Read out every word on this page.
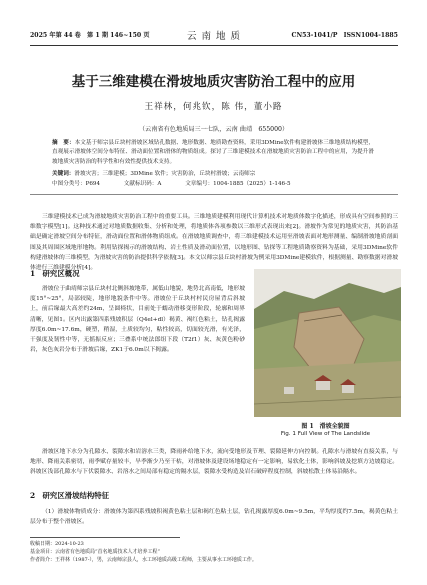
2025 年第 44 卷　第 1 期 146~150 页	云 南 地 质	CN53-1041/P　ISSN1004-1885
基于三维建模在滑坡地质灾害防治工程中的应用
王祥林，何兆钦，陈 伟，董小路
（云南省有色地质局三一七队，云南 曲靖　655000）
摘　要：本文基于师宗县丘块村滑坡区域钻孔数据、地形数据、地质勘查资料，采用3DMine软件构建滑坡体三维地质结构模型，直观展示滑坡体空间分布特征、滑动面位置和滑体的物质组成。探讨了三维建模技术在滑坡地质灾害防治工程中的应用，为提升滑坡地质灾害防治的科学性和有效性提供技术支持。
关键词：滑坡灾害；三维建模；3DMine 软件；灾害防治，丘块村滑坡；云南师宗
中图分类号：P694	文献标识码：A	文章编号：1004-1885（2025）1-146-5
三维建模技术已成为滑坡地质灾害防治工程中的重要工具。三维地质建模利用现代计算机技术对地质体数字化描述，形成具有空间参照的三维数字模型[1]。这种技术通过对地质数据收集、分析和处理，将地质体各项参数以三维形式表现出来[2]。滑坡作为常见的地质灾害，其防治基础是确定滑坡空间分布特征，滑动面位置和滑体物质组成。在滑坡地质调查中，将三维建模技术运用至滑坡表面对地形测量、编制滑坡地质剖面图及其周围区域地形地物。利用钻探揭示的滑坡结构、岩土性质及滑动面位置，以地形图、钻探等工程地质勘察资料为基础，采用3DMine软件构建滑坡体的三维模型，为滑坡灾害的防治提供科学依据[3]。本文以师宗县丘块村滑坡为例采用3DMine建模软件，根据测量、勘察数据对滑坡体进行三维建模分析[4]。
1　研究区概况
滑坡位于曲靖师宗县丘块村北侧斜坡地带，属低山地貌，地势北高南低，地形坡度15°~25°，局部较陡，地形地貌条件中等。滑坡位于丘块村村民房屋背后斜坡上，前后缘最大高差约24m，呈圆椅状，目前处于蠕动滑移变形阶段，轮廓和周界清晰，见图1。区内出露第四系残坡积层（Q4el+dl）褐黄、褐红色粘土，钻孔揭露厚度6.0m~17.6m，硬塑，稍湿，土质较均匀，粘性较高，切面较光滑，有光泽，干强度及韧性中等，无摇振反应；三叠系中统法郎组下段（T2f1）灰、灰黄色粉砂岩，灰色灰岩分布于滑坡后缘，ZK1于6.0m以下揭露。
图 1　滑坡全貌图
Fig. 1 Full View of The Landslide
滑坡区地下水分为孔隙水、裂隙水和岩溶水三类，降雨补给地下水，流向受地形及节理、裂隙延伸方向控制。孔隙水与滑坡有直接关系，与地形、降雨关系密切，雨季赋存量较丰，旱季渐少乃至干枯，对滑坡体及建设场地稳定有一定影响，易软化土体，影响斜坡及挖填方边坡稳定。斜坡区浅部孔隙水与下伏裂隙水、岩溶水之间局部有稳定的隔水层，裂隙水受构造及岩石破碎程度控制，斜坡松散土体易沿隔水。
2　研究区滑坡结构特征
（1）滑坡体物质成分：滑坡体为第四系残坡积褐黄色粘土层和褐红色粘土层，钻孔揭露厚度6.0m~9.5m，平均厚度约7.5m，褐黄色粘土层分布于整个滑坡区。
收稿日期：2024-10-23
基金项目：云南省有色地质局“首名地质技术人才培养工程”
作者简介：王祥林（1987-），男，云南师宗县人，水工环地质高级工程师，主要从事水工环地质工作。
